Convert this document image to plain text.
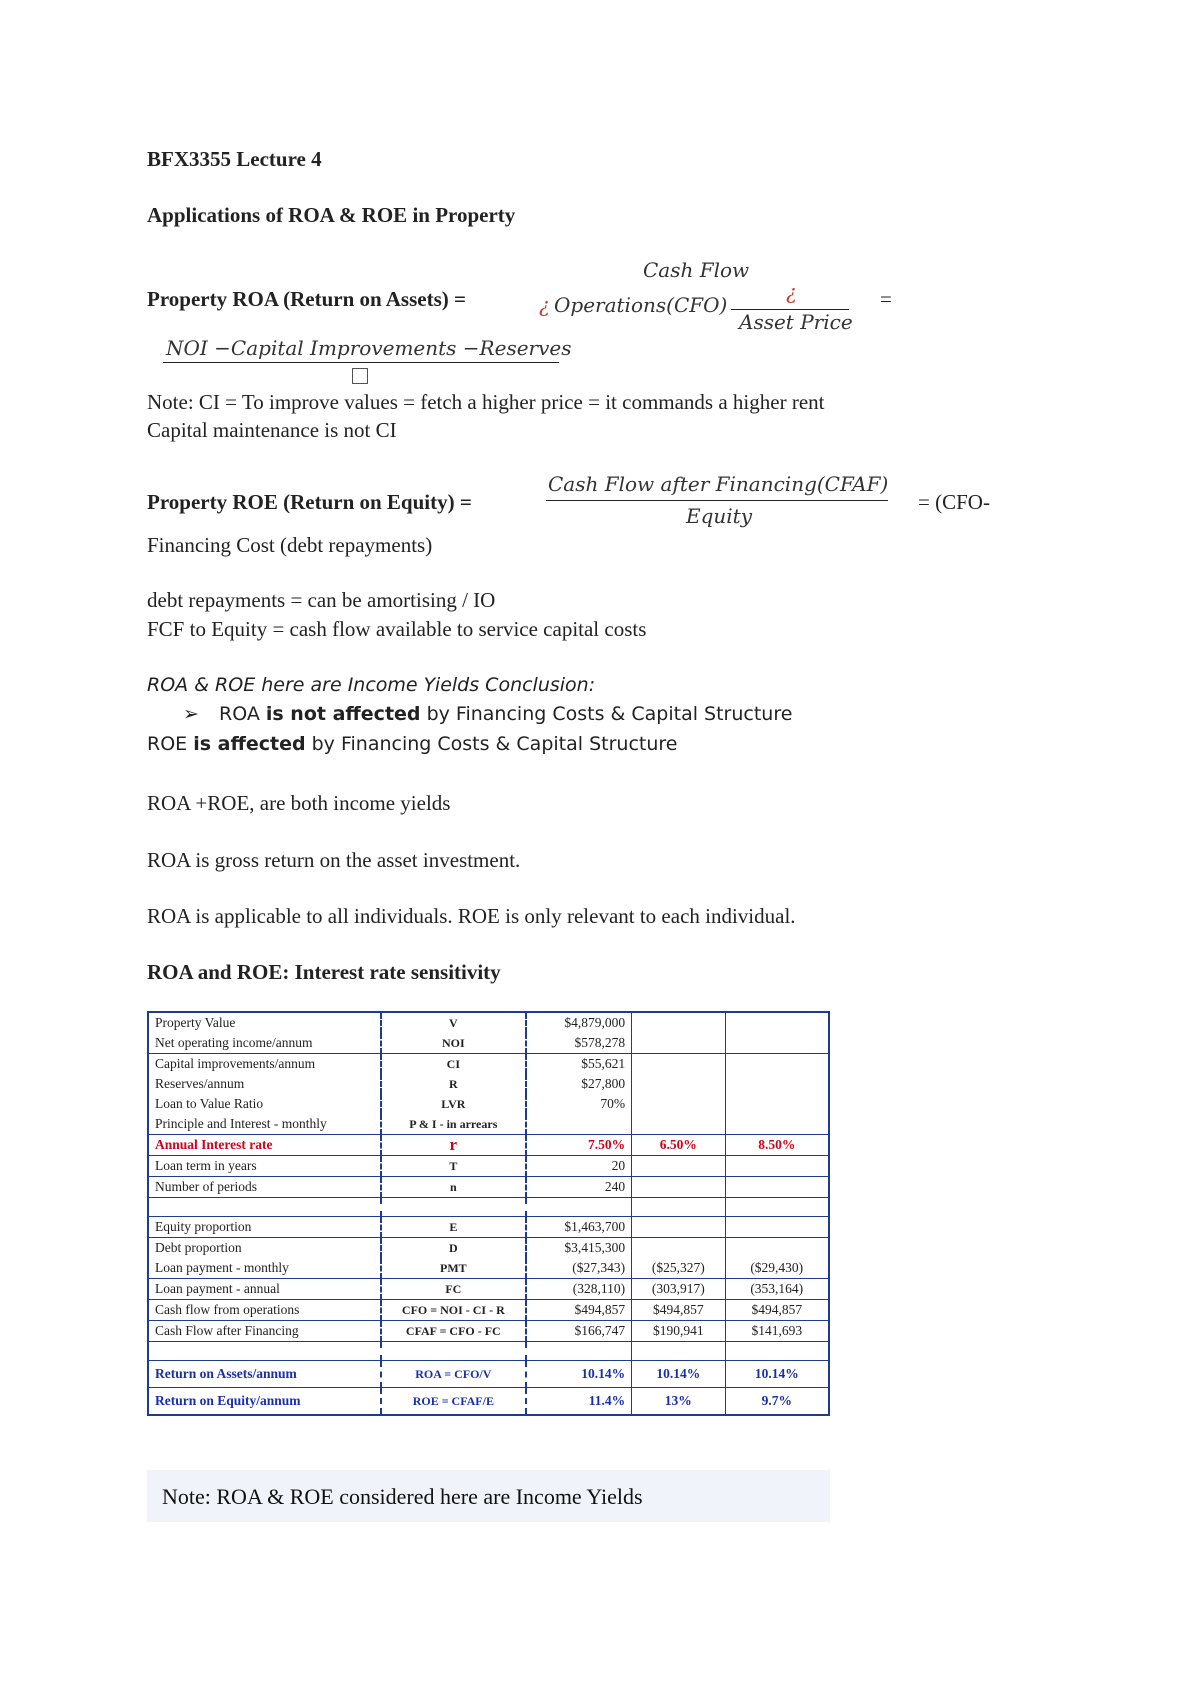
BFX3355 Lecture 4
Applications of ROA & ROE in Property
Cash Flow
Property ROA (Return on Assets) =	¿ Operations(CFO)
¿
Asset Price
=
NOI −Capital Improvements −Reserves
Note: CI = To improve values = fetch a higher price = it commands a higher rent
Capital maintenance is not CI
Cash Flow after Financing(CFAF)
Property ROE (Return on Equity) =
Equity
= (CFO-
Financing Cost (debt repayments)
debt repayments = can be amortising / IO
FCF to Equity = cash flow available to service capital costs
ROA & ROE here are Income Yields Conclusion:
➢ ROA is not affected by Financing Costs & Capital Structure
ROE is affected by Financing Costs & Capital Structure
ROA +ROE, are both income yields
ROA is gross return on the asset investment.
ROA is applicable to all individuals. ROE is only relevant to each individual.
ROA and ROE: Interest rate sensitivity
Property Value	V	$4,879,000		
Net operating income/annum	NOI	$578,278		
Capital improvements/annum	CI	$55,621		
Reserves/annum	R	$27,800		
Loan to Value Ratio	LVR	70%		
Principle and Interest - monthly	P & I - in arrears			
Annual Interest rate	r	7.50%	6.50%	8.50%
Loan term in years	T	20		
Number of periods	n	240		

Equity proportion	E	$1,463,700		
Debt proportion	D	$3,415,300		
Loan payment - monthly	PMT	($27,343)	($25,327)	($29,430)
Loan payment - annual	FC	(328,110)	(303,917)	(353,164)
Cash flow from operations	CFO = NOI - CI - R	$494,857	$494,857	$494,857
Cash Flow after Financing	CFAF = CFO - FC	$166,747	$190,941	$141,693

Return on Assets/annum	ROA = CFO/V	10.14%	10.14%	10.14%
Return on Equity/annum	ROE = CFAF/E	11.4%	13%	9.7%
Note: ROA & ROE considered here are Income Yields
